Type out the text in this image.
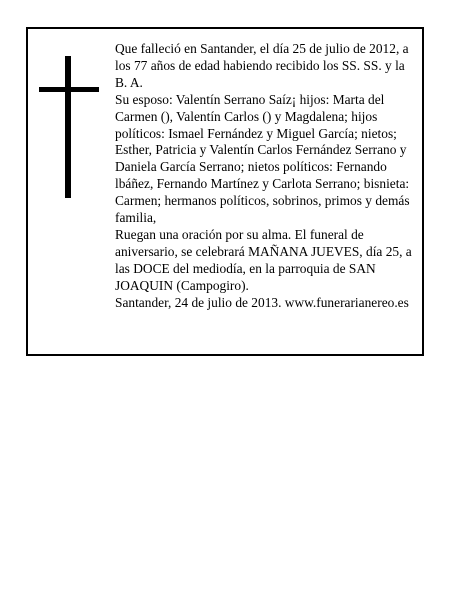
Que falleció en Santander, el día 25 de julio de 2012, a
los 77 años de edad habiendo recibido los SS. SS. y la
B. A.
Su esposo: Valentín Serrano Saíz¡ hijos: Marta del
Carmen (), Valentín Carlos () y Magdalena; hijos
políticos: Ismael Fernández y Miguel García; nietos;
Esther, Patricia y Valentín Carlos Fernández Serrano y
Daniela García Serrano; nietos políticos: Fernando
lbáñez, Fernando Martínez y Carlota Serrano; bisnieta:
Carmen; hermanos políticos, sobrinos, primos y demás
familia,
Ruegan una oración por su alma. El funeral de
aniversario, se celebrará MAÑANA JUEVES, día 25, a
las DOCE del mediodía, en la parroquia de SAN
JOAQUIN (Campogiro).
Santander, 24 de julio de 2013. www.funerarianereo.es
